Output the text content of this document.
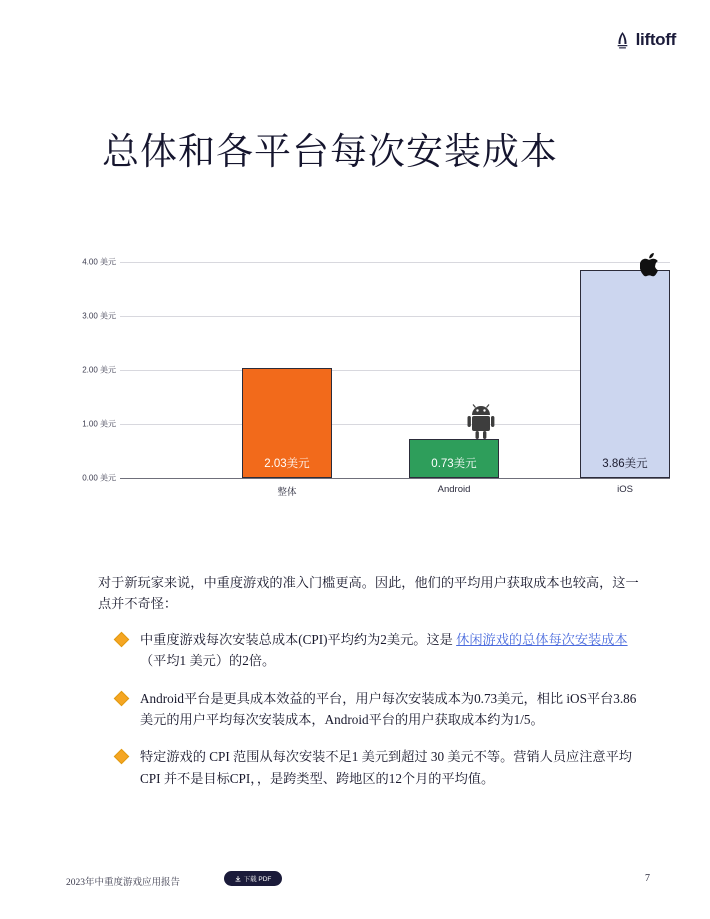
liftoff
总体和各平台每次安装成本
0.00 美元
1.00 美元
2.00 美元
3.00 美元
4.00 美元
2.03美元	0.73美元	3.86美元
整体	Android	iOS

对于新玩家来说，中重度游戏的准入门槛更高。因此，他们的平均用户获取成本也较高，这一点并不奇怪：

中重度游戏每次安装总成本(CPI)平均约为2美元。这是 休闲游戏的总体每次安装成本（平均1 美元）的2倍。
Android平台是更具成本效益的平台，用户每次安装成本为0.73美元，相比 iOS平台3.86美元的用户平均每次安装成本，Android平台的用户获取成本约为1/5。
特定游戏的 CPI 范围从每次安装不足1 美元到超过 30 美元不等。营销人员应注意平均 CPI 并不是目标CPI，，是跨类型、跨地区的12个月的平均值。
2023年中重度游戏应用报告	下载 PDF	7
